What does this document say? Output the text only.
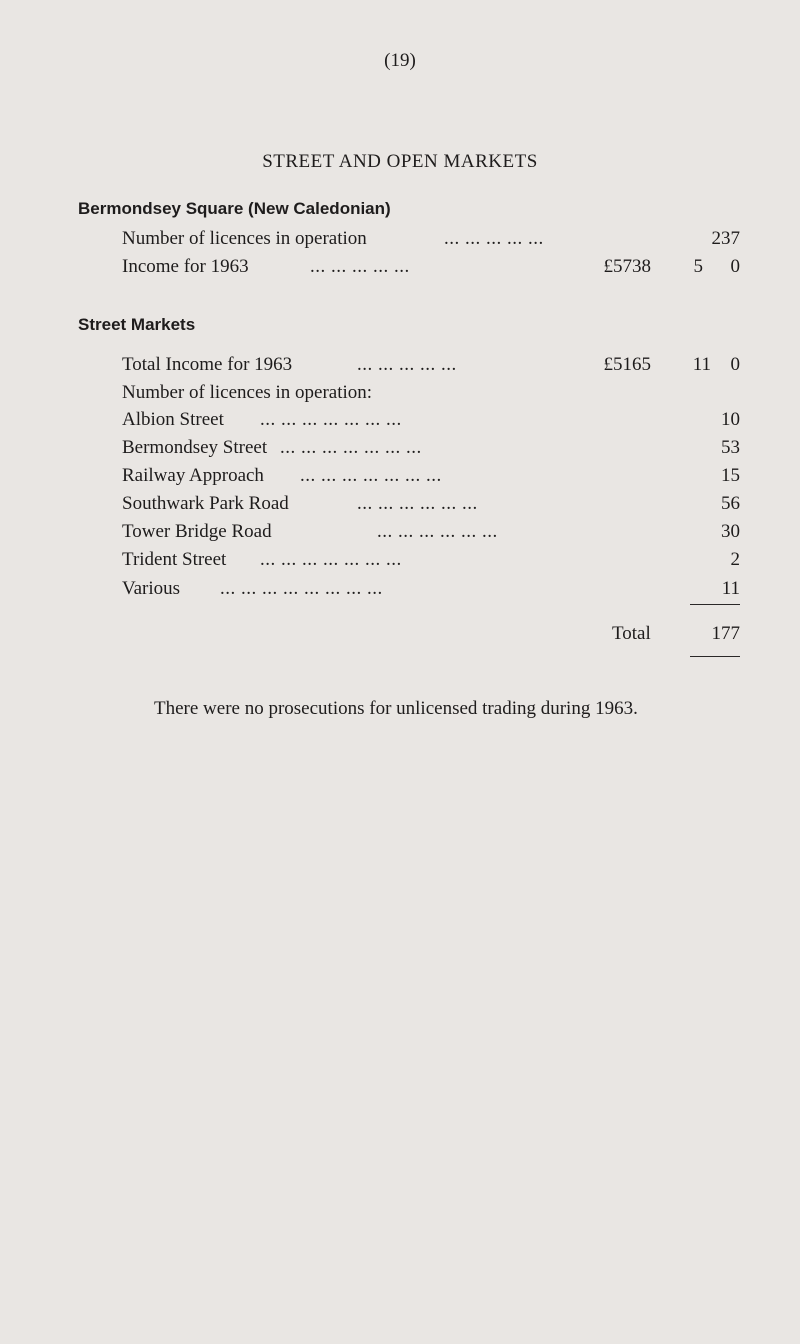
(19)
STREET AND OPEN MARKETS
Bermondsey Square (New Caledonian)
Number of licences in operation	... ... ... ... ...	237
Income for 1963	... ... ... ... ...	£5738 5 0
Street Markets
Total Income for 1963	... ... ... ... ...	£5165 11 0
Number of licences in operation:
Albion Street ... ... ... ... ... ... ...	10
Bermondsey Street ... ... ... ... ... ... ...	53
Railway Approach ... ... ... ... ... ... ...	15
Southwark Park Road	... ... ... ... ... ...	56
Tower Bridge Road	... ... ... ... ... ...	30
Trident Street ... ... ... ... ... ... ...	2
Various ... ... ... ... ... ... ... ...	11
Total	177
There were no prosecutions for unlicensed trading during 1963.
